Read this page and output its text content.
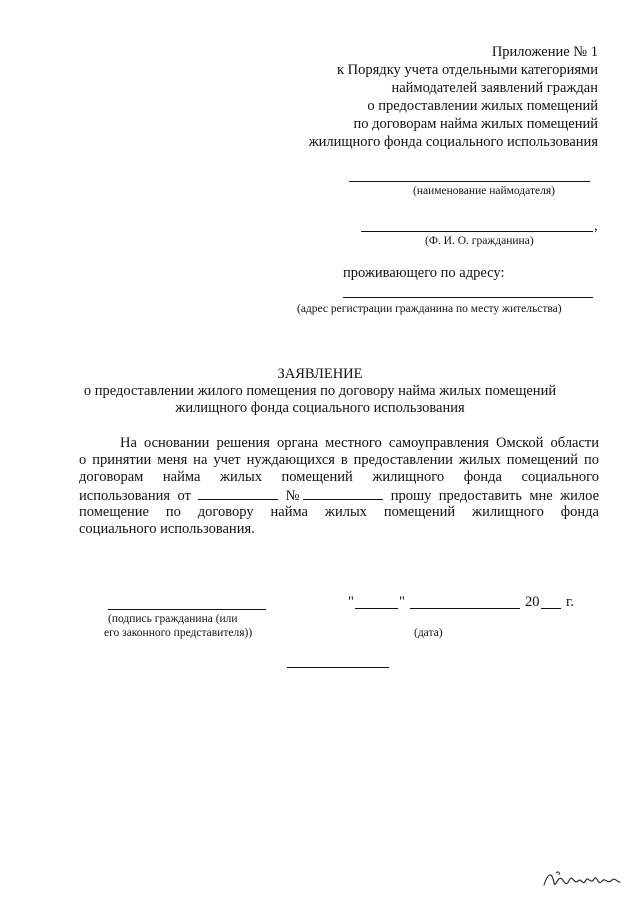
Приложение № 1
к Порядку учета отдельными категориями
наймодателей заявлений граждан
о предоставлении жилых помещений
по договорам найма жилых помещений
жилищного фонда социального использования
(наименование наймодателя)
,
(Ф. И. О. гражданина)
проживающего по адресу:
(адрес регистрации гражданина по месту жительства)
ЗАЯВЛЕНИЕ
о предоставлении жилого помещения по договору найма жилых помещений
жилищного фонда социального использования
На основании решения органа местного самоуправления Омской области
о принятии меня на учет нуждающихся в предоставлении жилых помещений по
договорам найма жилых помещений жилищного фонда социального
использования от	№	прошу предоставить мне жилое
помещение по договору найма жилых помещений жилищного фонда
социального использования.
(подпись гражданина (или
его законного представителя))
"	"	20 г.
(дата)
